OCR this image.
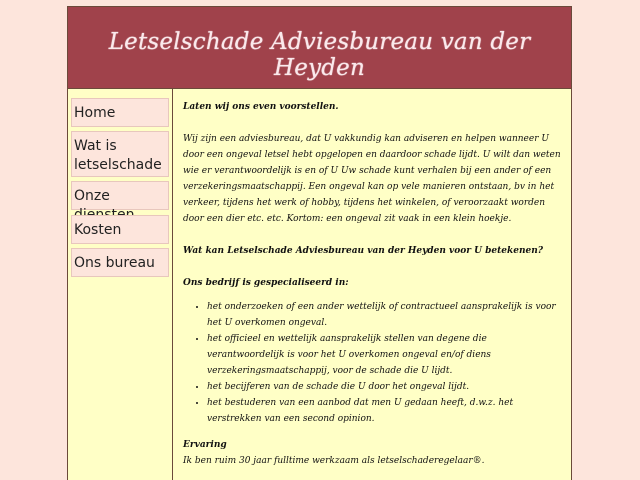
Letselschade Adviesbureau van der Heyden
Home
Wat is letselschade
Onze
Kosten
Ons bureau

Laten wij ons even voorstellen.

Wij zijn een adviesbureau, dat U vakkundig kan adviseren en helpen wanneer U door een ongeval letsel hebt opgelopen en daardoor schade lijdt. U wilt dan weten wie er verantwoordelijk is en of U Uw schade kunt verhalen bij een ander of een verzekeringsmaatschappij. Een ongeval kan op vele manieren ontstaan, bv in het verkeer, tijdens het werk of hobby, tijdens het winkelen, of veroorzaakt worden door een dier etc. etc. Kortom: een ongeval zit vaak in een klein hoekje.

Wat kan Letselschade Adviesbureau van der Heyden voor U betekenen?

Ons bedrijf is gespecialiseerd in:

• het onderzoeken of een ander wettelijk of contractueel aansprakelijk is voor het U overkomen ongeval.
• het officieel en wettelijk aansprakelijk stellen van degene die verantwoordelijk is voor het U overkomen ongeval en/of diens verzekeringsmaatschappij, voor de schade die U lijdt.
• het becijferen van de schade die U door het ongeval lijdt.
• het bestuderen van een aanbod dat men U gedaan heeft, d.w.z. het verstrekken van een second opinion.

Ervaring

Ik ben ruim 30 jaar fulltime werkzaam als letselschaderegelaar®.
